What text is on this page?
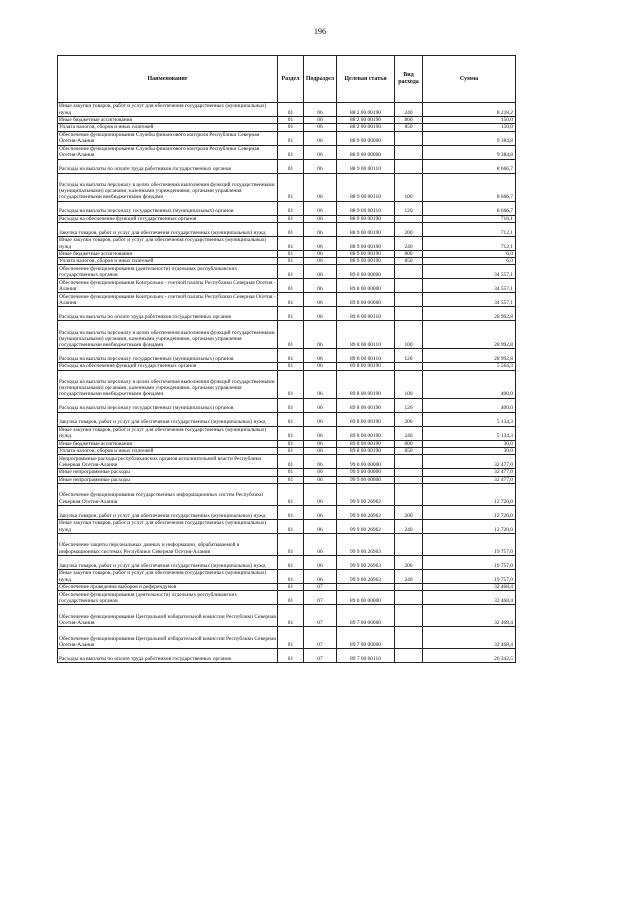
196
Наименование	Раздел	Подраздел	Целевая статья	Вид расхода	Сумма
Иные закупки товаров, работ и услуг для обеспечения государственных (муниципальных) нужд	01	06	88 2 00 00190	240	8 218,2
Иные бюджетные ассигнования	01	06	88 2 00 00190	800	150,0
Уплата налогов, сборов и иных платежей	01	06	88 2 00 00190	850	150,0
Обеспечение функционирования Службы финансового контроля Республики Северная Осетия-Алания	01	06	88 9 00 00000		9 384,8
Обеспечение функционирования Службы финансового контроля Республики Северная Осетия-Алания	01	06	88 9 00 00000		9 384,8
Расходы на выплаты по оплате труда работников государственных органов	01	06	88 9 00 00110		8 666,7
Расходы на выплаты персоналу в целях обеспечения выполнения функций государственными (муниципальными) органами, казенными учреждениями, органами управления государственными внебюджетными фондами	01	06	88 9 00 00110	100	8 666,7
Расходы на выплаты персоналу государственных (муниципальных) органов	01	06	88 9 00 00110	120	8 666,7
Расходы на обеспечение функций государственных органов	01	06	88 9 00 00190		718,1
Закупка товаров, работ и услуг для обеспечения государственных (муниципальных) нужд	01	06	88 9 00 00190	200	712,1
Иные закупки товаров, работ и услуг для обеспечения государственных (муниципальных) нужд	01	06	88 9 00 00190	240	712,1
Иные бюджетные ассигнования	01	06	88 9 00 00190	800	6,0
Уплата налогов, сборов и иных платежей	01	06	88 9 00 00190	850	6,0
Обеспечение функционирования (деятельности) отдельных республиканских государственных органов	01	06	89 0 00 00000		34 557,1
Обеспечение функционирования Контрольно - счетной палаты Республики Северная Осетия - Алания	01	06	89 8 00 00000		34 557,1
Обеспечение функционирования Контрольно - счетной палаты Республики Северная Осетия - Алания	01	06	89 8 00 00000		34 557,1
Расходы на выплаты по оплате труда работников государственных органов	01	06	89 8 00 00110		28 992,8
Расходы на выплаты персоналу в целях обеспечения выполнения функций государственными (муниципальными) органами, казенными учреждениями, органами управления государственными внебюджетными фондами	01	06	89 8 00 00110	100	28 992,8
Расходы на выплаты персоналу государственных (муниципальных) органов	01	06	89 8 00 00110	120	28 992,8
Расходы на обеспечение функций государственных органов	01	06	89 8 00 00190		5 564,3
Расходы на выплаты персоналу в целях обеспечения выполнения функций государственными (муниципальными) органами, казенными учреждениями, органами управления государственными внебюджетными фондами	01	06	89 8 00 00190	100	400,0
Расходы на выплаты персоналу государственных (муниципальных) органов	01	06	89 8 00 00190	120	400,0
Закупка товаров, работ и услуг для обеспечения государственных (муниципальных) нужд	01	06	89 8 00 00190	200	5 134,3
Иные закупки товаров, работ и услуг для обеспечения государственных (муниципальных) нужд	01	06	89 8 00 00190	240	5 134,3
Иные бюджетные ассигнования	01	06	89 8 00 00190	800	30,0
Уплата налогов, сборов и иных платежей	01	06	89 8 00 00190	850	30,0
Непрограммные расходы республиканских органов исполнительной власти Республики Северная Осетия-Алания	01	06	99 0 00 00000		32 477,0
Иные непрограммные расходы	01	06	99 9 00 00000		32 477,0
Иные непрограммные расходы	01	06	99 9 00 00000		32 477,0
Обеспечение функционирования государственных информационных систем Республики Северная Осетия-Алания	01	06	99 9 00 26962		12 720,0
Закупка товаров, работ и услуг для обеспечения государственных (муниципальных) нужд	01	06	99 9 00 26962	200	12 720,0
Иные закупки товаров, работ и услуг для обеспечения государственных (муниципальных) нужд	01	06	99 9 00 26962	240	12 720,0
Обеспечение защиты персональных данных и информации, обрабатываемой в информационных системах Республики Северная Осетия-Алания	01	06	99 9 00 26963		19 757,0
Закупка товаров, работ и услуг для обеспечения государственных (муниципальных) нужд	01	06	99 9 00 26963	200	19 757,0
Иные закупки товаров, работ и услуг для обеспечения государственных (муниципальных) нужд	01	06	99 9 00 26963	240	19 757,0
Обеспечение проведения выборов и референдумов	01	07			32 468,4
Обеспечение функционирования (деятельности) отдельных республиканских государственных органов	01	07	89 0 00 00000		32 468,4
Обеспечение функционирования Центральной избирательной комиссии Республики Северная Осетия-Алания	01	07	89 7 00 00000		32 468,4
Обеспечение функционирования Центральной избирательной комиссии Республики Северная Осетия-Алания	01	07	89 7 00 00000		32 468,4
Расходы на выплаты по оплате труда работников государственных органов	01	07	89 7 00 00110		26 342,5
